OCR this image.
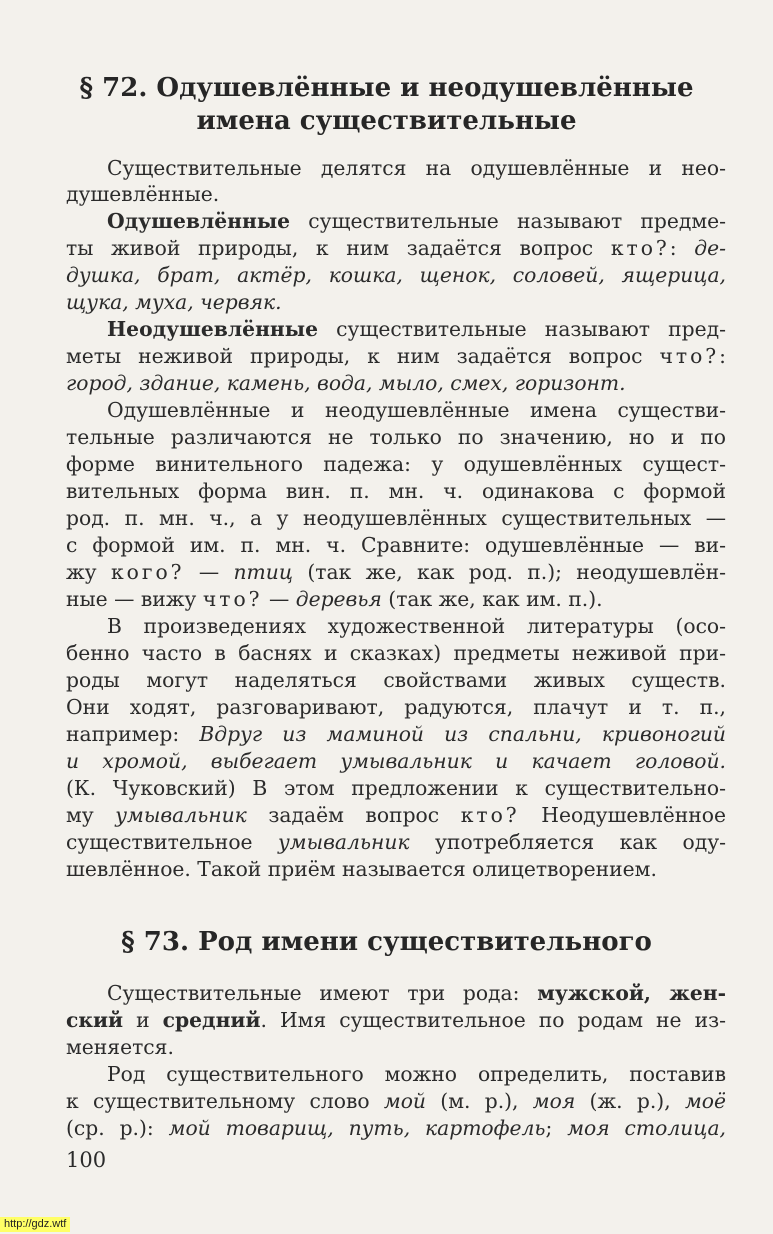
§ 72. Одушевлённые и неодушевлённые
имена существительные
Существительные делятся на одушевлённые и нео-
душевлённые.
Одушевлённые существительные называют предме-
ты живой природы, к ним задаётся вопрос кто?: де-
душка, брат, актёр, кошка, щенок, соловей, ящерица,
щука, муха, червяк.
Неодушевлённые существительные называют пред-
меты неживой природы, к ним задаётся вопрос что?:
город, здание, камень, вода, мыло, смех, горизонт.
Одушевлённые и неодушевлённые имена существи-
тельные различаются не только по значению, но и по
форме винительного падежа: у одушевлённых сущест-
вительных форма вин. п. мн. ч. одинакова с формой
род. п. мн. ч., а у неодушевлённых существительных —
с формой им. п. мн. ч. Сравните: одушевлённые — ви-
жу кого? — птиц (так же, как род. п.); неодушевлён-
ные — вижу что? — деревья (так же, как им. п.).
В произведениях художественной литературы (осо-
бенно часто в баснях и сказках) предметы неживой при-
роды могут наделяться свойствами живых существ.
Они ходят, разговаривают, радуются, плачут и т. п.,
например: Вдруг из маминой из спальни, кривоногий
и хромой, выбегает умывальник и качает головой.
(К. Чуковский) В этом предложении к существительно-
му умывальник задаём вопрос кто? Неодушевлённое
существительное умывальник употребляется как оду-
шевлённое. Такой приём называется олицетворением.
Существительные имеют три рода: мужской, жен-
ский и средний. Имя существительное по родам не из-
меняется.
Род существительного можно определить, поставив
к существительному слово мой (м. р.), моя (ж. р.), моё
(ср. р.): мой товарищ, путь, картофель; моя столица,
§ 73. Род имени существительного
100
http://gdz.wtf
